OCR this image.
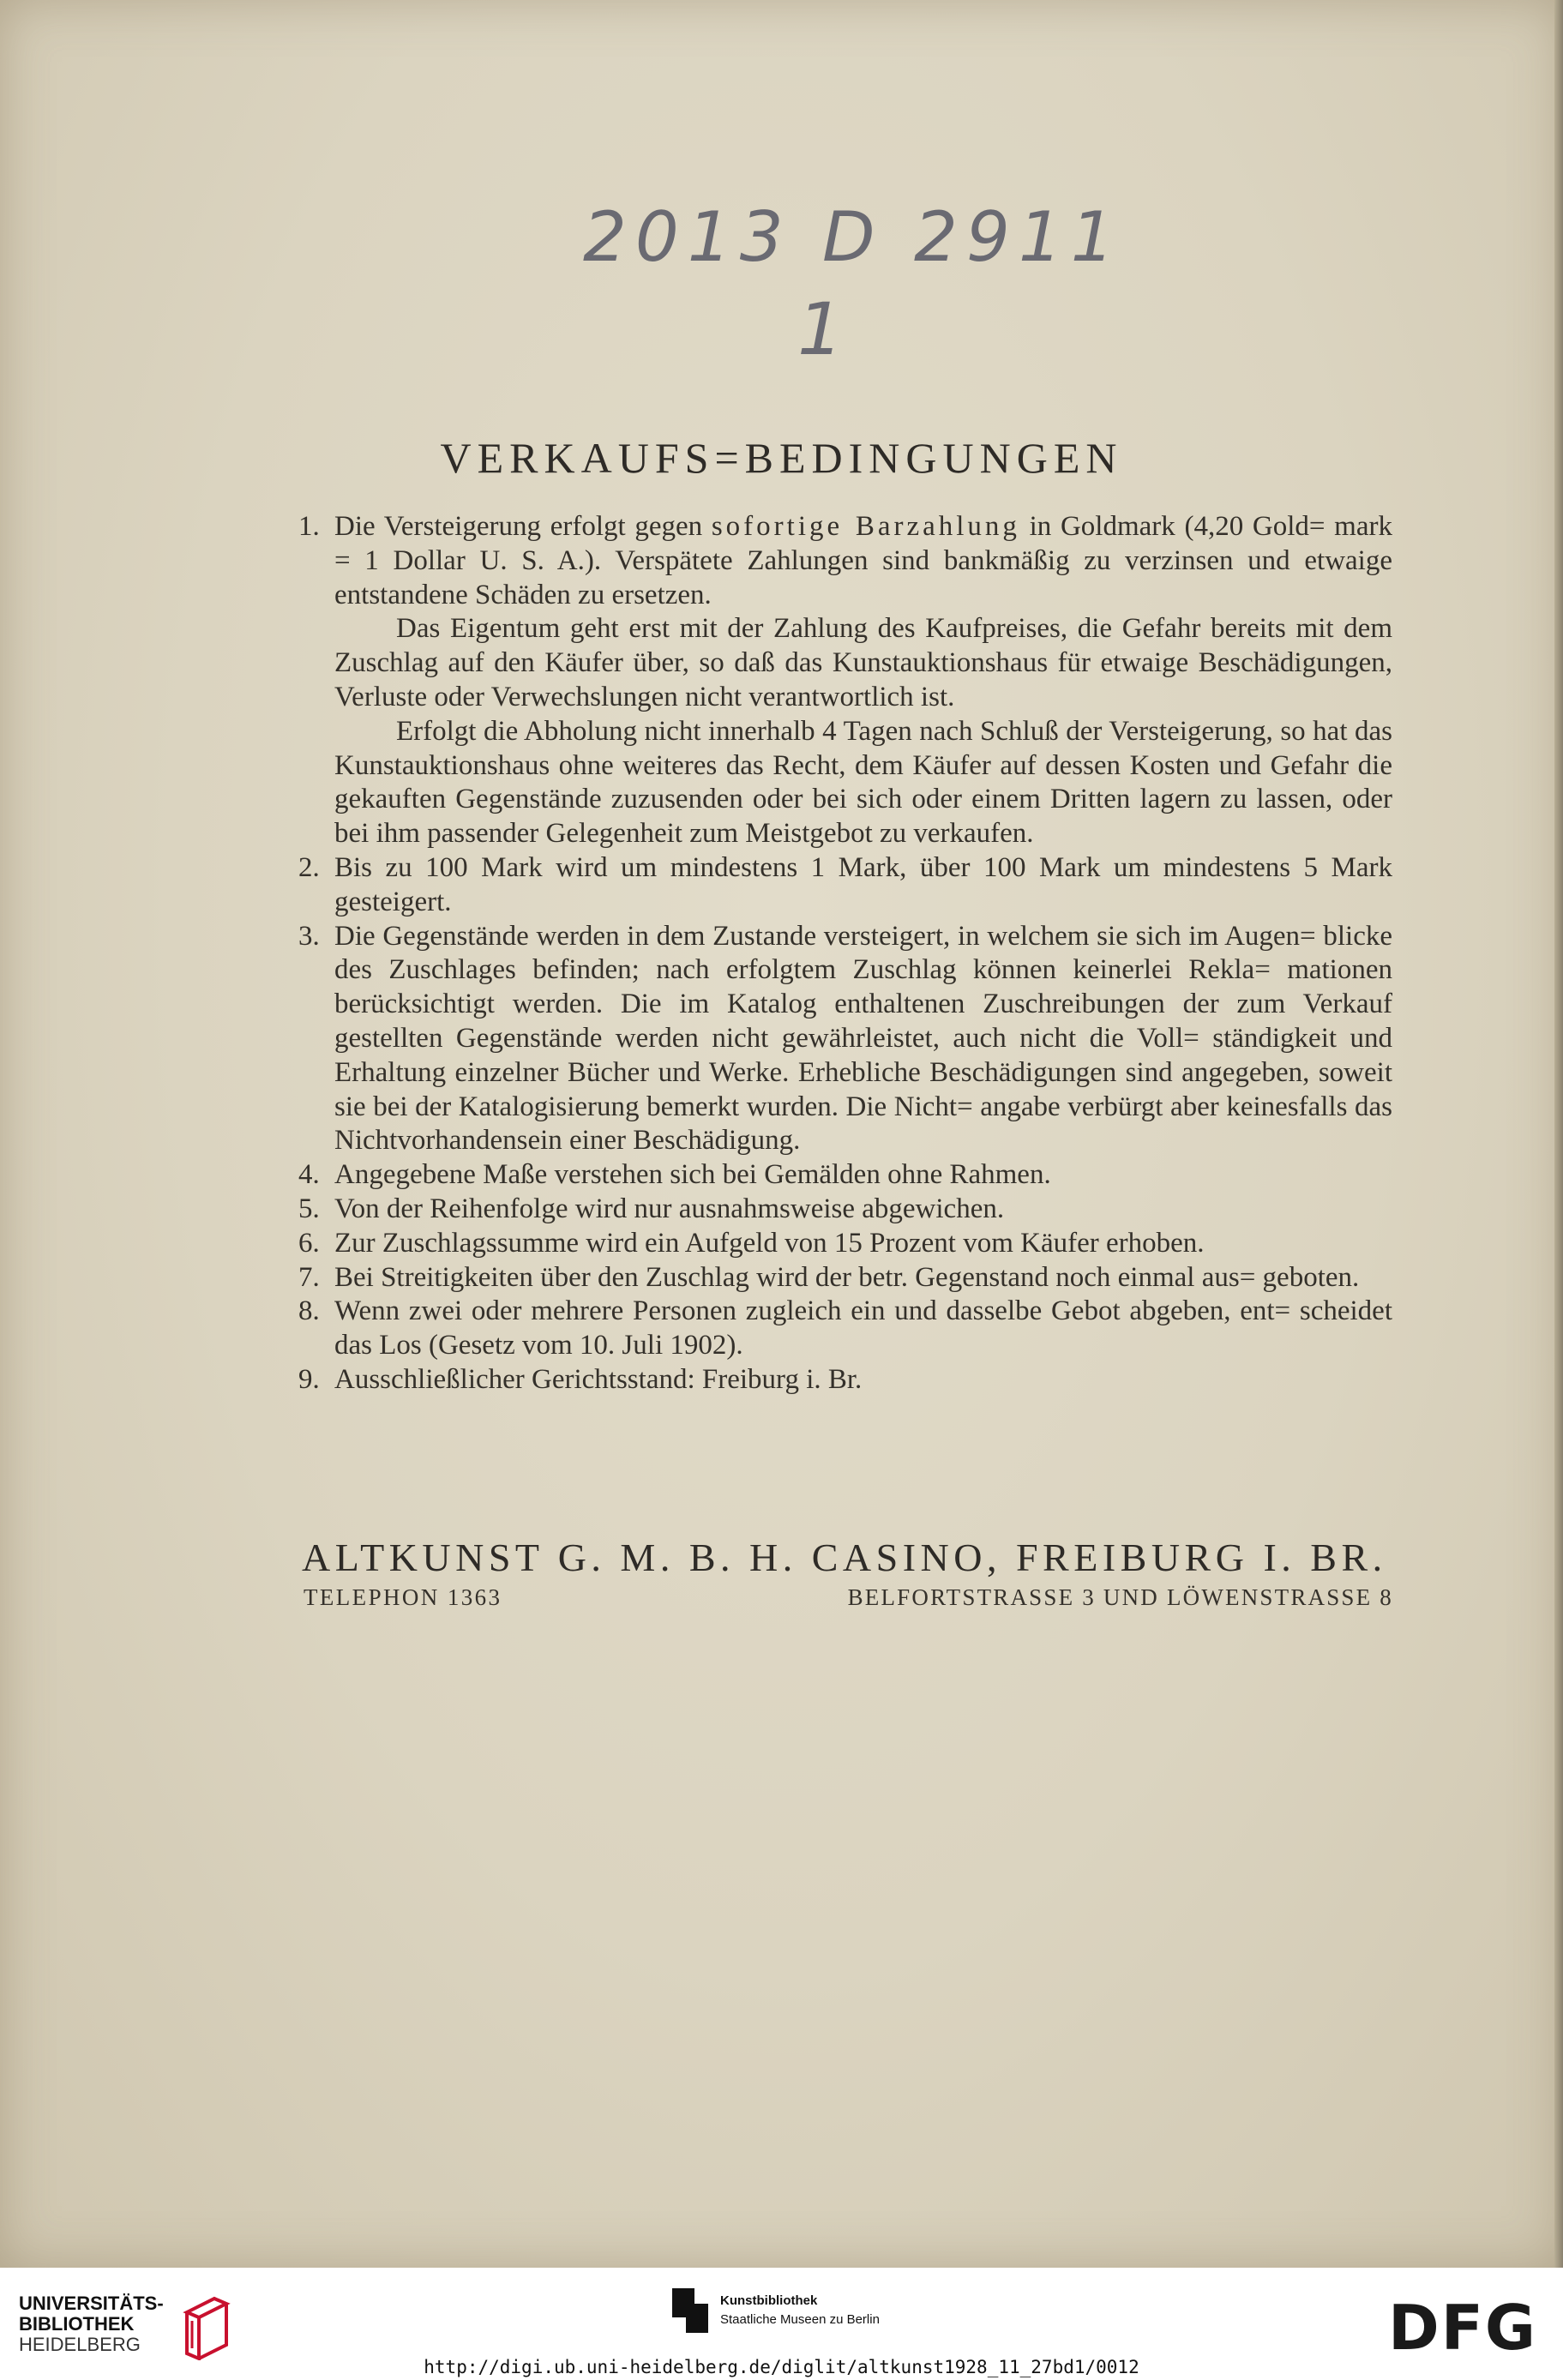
2013 D 2911
1
VERKAUFS=BEDINGUNGEN
1. Die Versteigerung erfolgt gegen sofortige Barzahlung in Goldmark (4,20 Gold= mark = 1 Dollar U. S. A.). Verspätete Zahlungen sind bankmäßig zu verzinsen und etwaige entstandene Schäden zu ersetzen.

Das Eigentum geht erst mit der Zahlung des Kaufpreises, die Gefahr bereits mit dem Zuschlag auf den Käufer über, so daß das Kunstauktionshaus für etwaige Beschädigungen, Verluste oder Verwechslungen nicht verantwortlich ist.

Erfolgt die Abholung nicht innerhalb 4 Tagen nach Schluß der Versteigerung, so hat das Kunstauktionshaus ohne weiteres das Recht, dem Käufer auf dessen Kosten und Gefahr die gekauften Gegenstände zuzusenden oder bei sich oder einem Dritten lagern zu lassen, oder bei ihm passender Gelegenheit zum Meistgebot zu verkaufen.

2. Bis zu 100 Mark wird um mindestens 1 Mark, über 100 Mark um mindestens 5 Mark gesteigert.

3. Die Gegenstände werden in dem Zustande versteigert, in welchem sie sich im Augen= blicke des Zuschlages befinden; nach erfolgtem Zuschlag können keinerlei Rekla= mationen berücksichtigt werden. Die im Katalog enthaltenen Zuschreibungen der zum Verkauf gestellten Gegenstände werden nicht gewährleistet, auch nicht die Voll= ständigkeit und Erhaltung einzelner Bücher und Werke. Erhebliche Beschädigungen sind angegeben, soweit sie bei der Katalogisierung bemerkt wurden. Die Nicht= angabe verbürgt aber keinesfalls das Nichtvorhandensein einer Beschädigung.

4. Angegebene Maße verstehen sich bei Gemälden ohne Rahmen.

5. Von der Reihenfolge wird nur ausnahmsweise abgewichen.

6. Zur Zuschlagssumme wird ein Aufgeld von 15 Prozent vom Käufer erhoben.

7. Bei Streitigkeiten über den Zuschlag wird der betr. Gegenstand noch einmal aus= geboten.

8. Wenn zwei oder mehrere Personen zugleich ein und dasselbe Gebot abgeben, ent= scheidet das Los (Gesetz vom 10. Juli 1902).

9. Ausschließlicher Gerichtsstand: Freiburg i. Br.

ALTKUNST G. M. B. H. CASINO, FREIBURG I. BR.
TELEPHON 1363	BELFORTSTRASSE 3 UND LÖWENSTRASSE 8
UNIVERSITÄTS-
BIBLIOTHEK
HEIDELBERG
Kunstbibliothek
Staatliche Museen zu Berlin	DFG
http://digi.ub.uni-heidelberg.de/diglit/altkunst1928_11_27bd1/0012
